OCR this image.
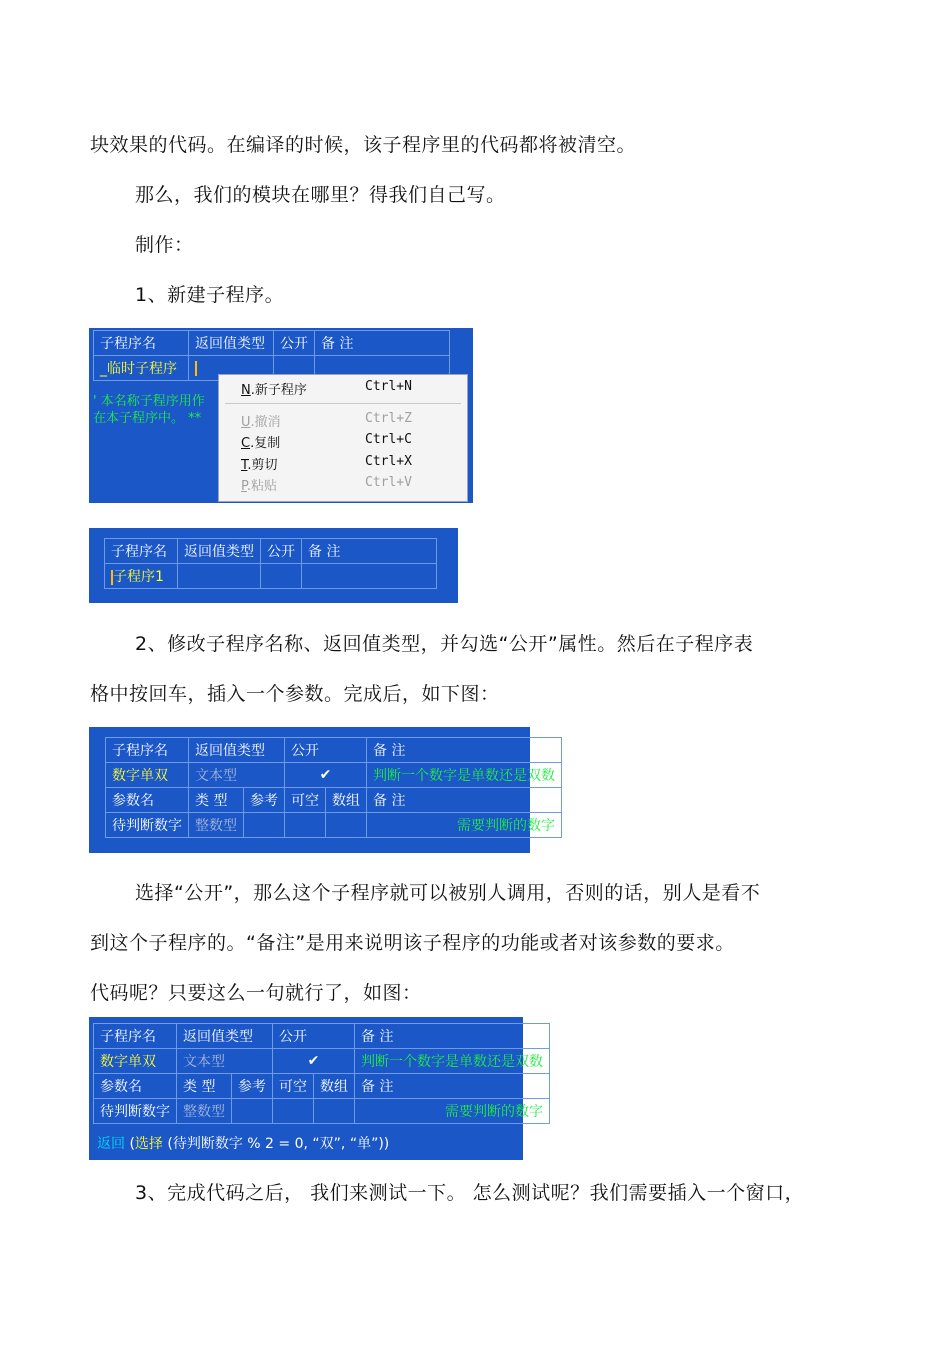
块效果的代码。在编译的时候，该子程序里的代码都将被清空。
那么，我们的模块在哪里？得我们自己写。
制作：
1、新建子程序。
子程序名	返回值类型	公开	备 注
_临时子程序			
' 本名称子程序用作
在本子程序中。 **
N.新子程序	Ctrl+N
U.撤消	Ctrl+Z
C.复制	Ctrl+C
T.剪切	Ctrl+X
P.粘贴	Ctrl+V
子程序名	返回值类型	公开	备 注
子程序1			
2、修改子程序名称、返回值类型，并勾选“公开”属性。然后在子程序表
格中按回车，插入一个参数。完成后，如下图：
子程序名	返回值类型		公开		备 注
数字单双	文本型		✔		判断一个数字是单数还是双数
参数名	类 型	参考	可空	数组	备 注
待判断数字	整数型				需要判断的数字
选择“公开”，那么这个子程序就可以被别人调用，否则的话，别人是看不
到这个子程序的。“备注”是用来说明该子程序的功能或者对该参数的要求。
代码呢？只要这么一句就行了，如图：
子程序名	返回值类型		公开		备 注
数字单双	文本型		✔		判断一个数字是单数还是双数
参数名	类 型	参考	可空	数组	备 注
待判断数字	整数型				需要判断的数字
返回 (选择 (待判断数字 % 2 = 0, “双”, “单”))
3、完成代码之后， 我们来测试一下。 怎么测试呢？我们需要插入一个窗口，
